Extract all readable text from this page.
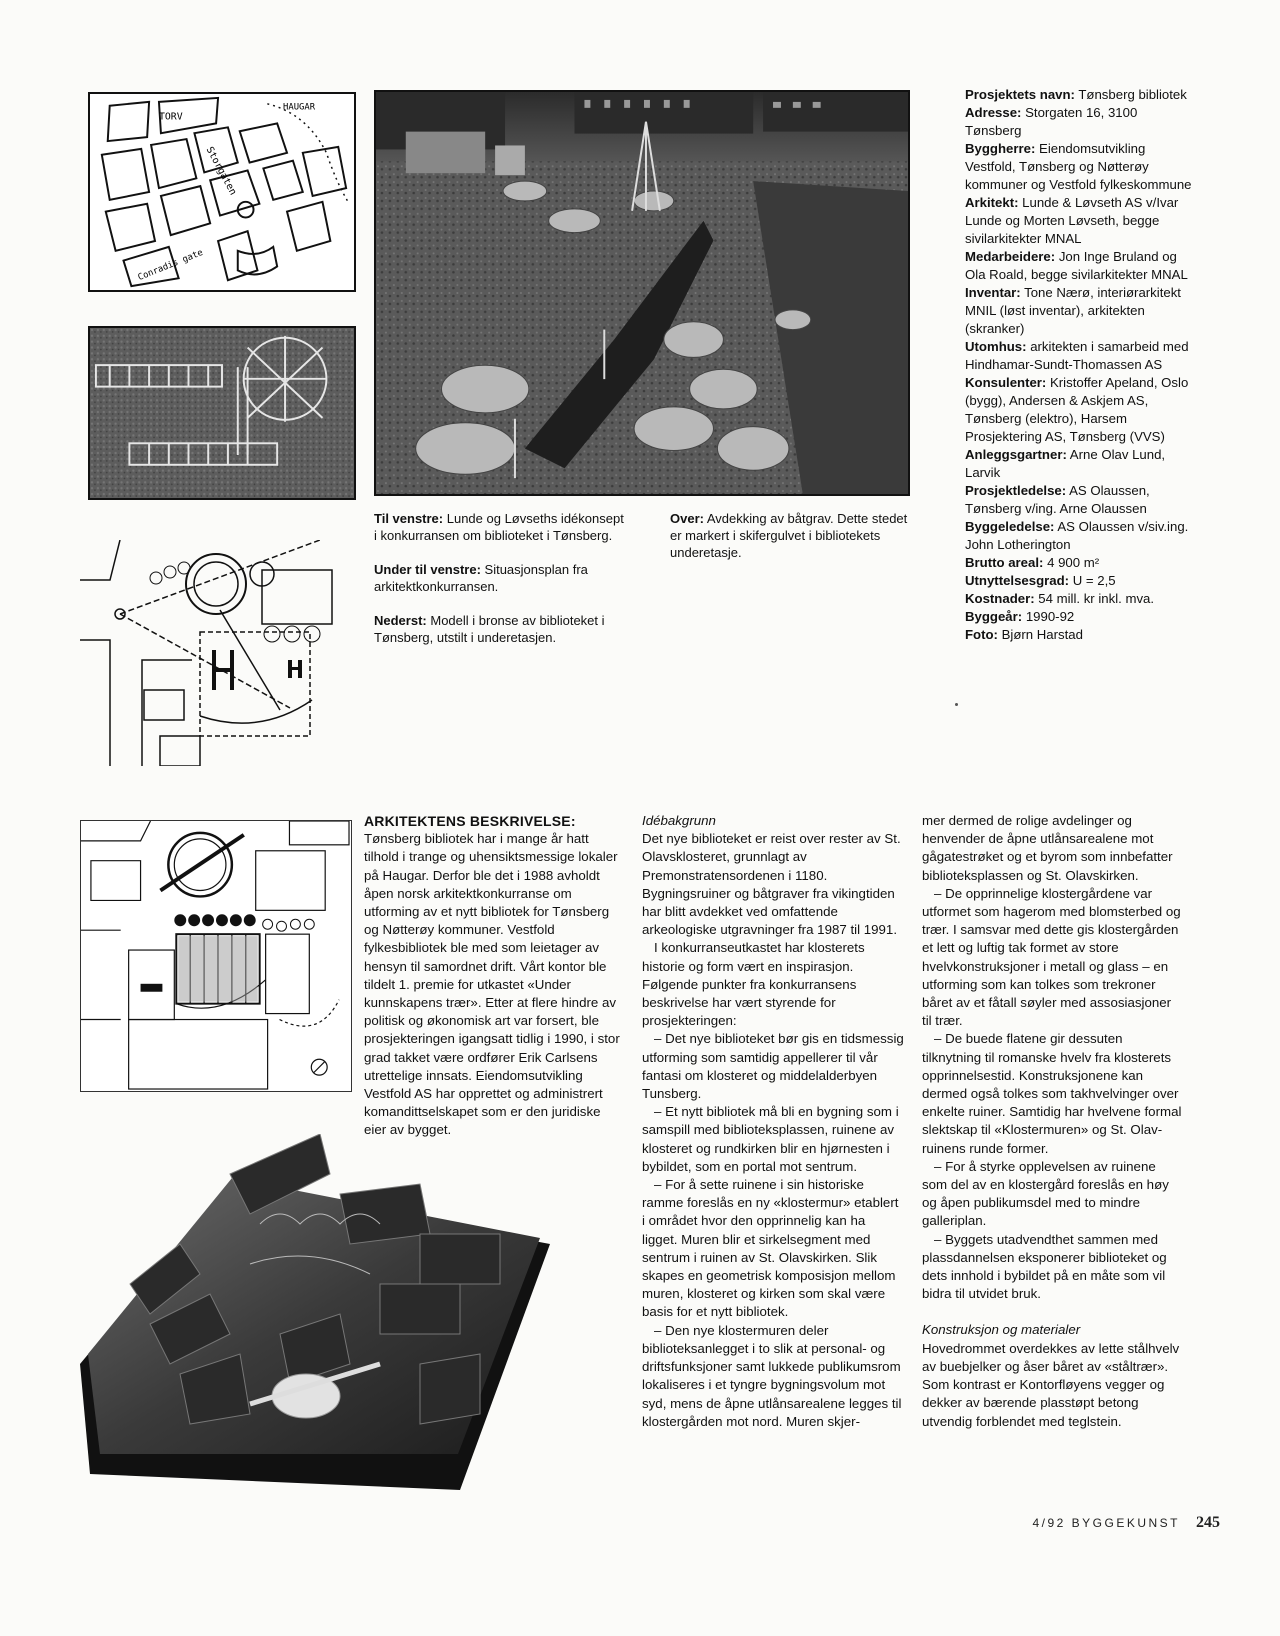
TORV
HAUGAR
Storgaten
Conradis gate

Til venstre: Lunde og Løvseths idékonsept i konkurransen om biblioteket i Tønsberg.

Under til venstre: Situasjonsplan fra arkitektkonkurransen.

Nederst: Modell i bronse av biblioteket i Tønsberg, utstilt i underetasjen.

Over: Avdekking av båtgrav. Dette stedet er markert i skifergulvet i bibliotekets underetasje.

Prosjektets navn: Tønsberg bibliotek
Adresse: Storgaten 16, 3100 Tønsberg
Byggherre: Eiendomsutvikling Vestfold, Tønsberg og Nøtterøy kommuner og Vestfold fylkeskommune
Arkitekt: Lunde & Løvseth AS v/Ivar Lunde og Morten Løvseth, begge sivilarkitekter MNAL
Medarbeidere: Jon Inge Bruland og Ola Roald, begge sivilarkitekter MNAL
Inventar: Tone Nærø, interiørarkitekt MNIL (løst inventar), arkitekten (skranker)
Utomhus: arkitekten i samarbeid med Hindhamar-Sundt-Thomassen AS
Konsulenter: Kristoffer Apeland, Oslo (bygg), Andersen & Askjem AS, Tønsberg (elektro), Harsem Prosjektering AS, Tønsberg (VVS)
Anleggsgartner: Arne Olav Lund, Larvik
Prosjektledelse: AS Olaussen, Tønsberg v/ing. Arne Olaussen
Byggeledelse: AS Olaussen v/siv.ing. John Lotherington
Brutto areal: 4 900 m²
Utnyttelsesgrad: U = 2,5
Kostnader: 54 mill. kr inkl. mva.
Byggeår: 1990-92
Foto: Bjørn Harstad
ARKITEKTENS BESKRIVELSE:

Tønsberg bibliotek har i mange år hatt tilhold i trange og uhensiktsmessige lokaler på Haugar. Derfor ble det i 1988 avholdt åpen norsk arkitektkonkurranse om utforming av et nytt bibliotek for Tønsberg og Nøtterøy kommuner. Vestfold fylkesbibliotek ble med som leietager av hensyn til samordnet drift. Vårt kontor ble tildelt 1. premie for utkastet «Under kunnskapens trær». Etter at flere hindre av politisk og økonomisk art var forsert, ble prosjekteringen igangsatt tidlig i 1990, i stor grad takket være ordfører Erik Carlsens utrettelige innsats. Eiendomsutvikling Vestfold AS har opprettet og administrert komandittselskapet som er den juridiske eier av bygget.

Idébakgrunn

Det nye biblioteket er reist over rester av St. Olavsklosteret, grunnlagt av Premonstratensordenen i 1180. Bygningsruiner og båtgraver fra vikingtiden har blitt avdekket ved omfattende arkeologiske utgravninger fra 1987 til 1991.

I konkurranseutkastet har klosterets historie og form vært en inspirasjon. Følgende punkter fra konkurransens beskrivelse har vært styrende for prosjekteringen:

– Det nye biblioteket bør gis en tidsmessig utforming som samtidig appellerer til vår fantasi om klosteret og middelalderbyen Tunsberg.

– Et nytt bibliotek må bli en bygning som i samspill med biblioteksplassen, ruinene av klosteret og rundkirken blir en hjørnesten i bybildet, som en portal mot sentrum.

– For å sette ruinene i sin historiske ramme foreslås en ny «klostermur» etablert i området hvor den opprinnelig kan ha ligget. Muren blir et sirkelsegment med sentrum i ruinen av St. Olavskirken. Slik skapes en geometrisk komposisjon mellom muren, klosteret og kirken som skal være basis for et nytt bibliotek.

– Den nye klostermuren deler biblioteksanlegget i to slik at personal- og driftsfunksjoner samt lukkede publikumsrom lokaliseres i et tyngre bygningsvolum mot syd, mens de åpne utlånsarealene legges til klostergården mot nord. Muren skjer-

mer dermed de rolige avdelinger og henvender de åpne utlånsarealene mot gågatestrøket og et byrom som innbefatter biblioteksplassen og St. Olavskirken.

– De opprinnelige klostergårdene var utformet som hagerom med blomsterbed og trær. I samsvar med dette gis klostergården et lett og luftig tak formet av store hvelvkonstruksjoner i metall og glass – en utforming som kan tolkes som trekroner båret av et fåtall søyler med assosiasjoner til trær.

– De buede flatene gir dessuten tilknytning til romanske hvelv fra klosterets opprinnelsestid. Konstruksjonene kan dermed også tolkes som takhvelvinger over enkelte ruiner. Samtidig har hvelvene formal slektskap til «Klostermuren» og St. Olav-ruinens runde former.

– For å styrke opplevelsen av ruinene som del av en klostergård foreslås en høy og åpen publikumsdel med to mindre galleriplan.

– Byggets utadvendthet sammen med plassdannelsen eksponerer biblioteket og dets innhold i bybildet på en måte som vil bidra til utvidet bruk.

Konstruksjon og materialer

Hovedrommet overdekkes av lette stålhvelv av buebjelker og åser båret av «ståltrær». Som kontrast er Kontorfløyens vegger og dekker av bærende plasstøpt betong utvendig forblendet med teglstein.

4/92 BYGGEKUNST 245
